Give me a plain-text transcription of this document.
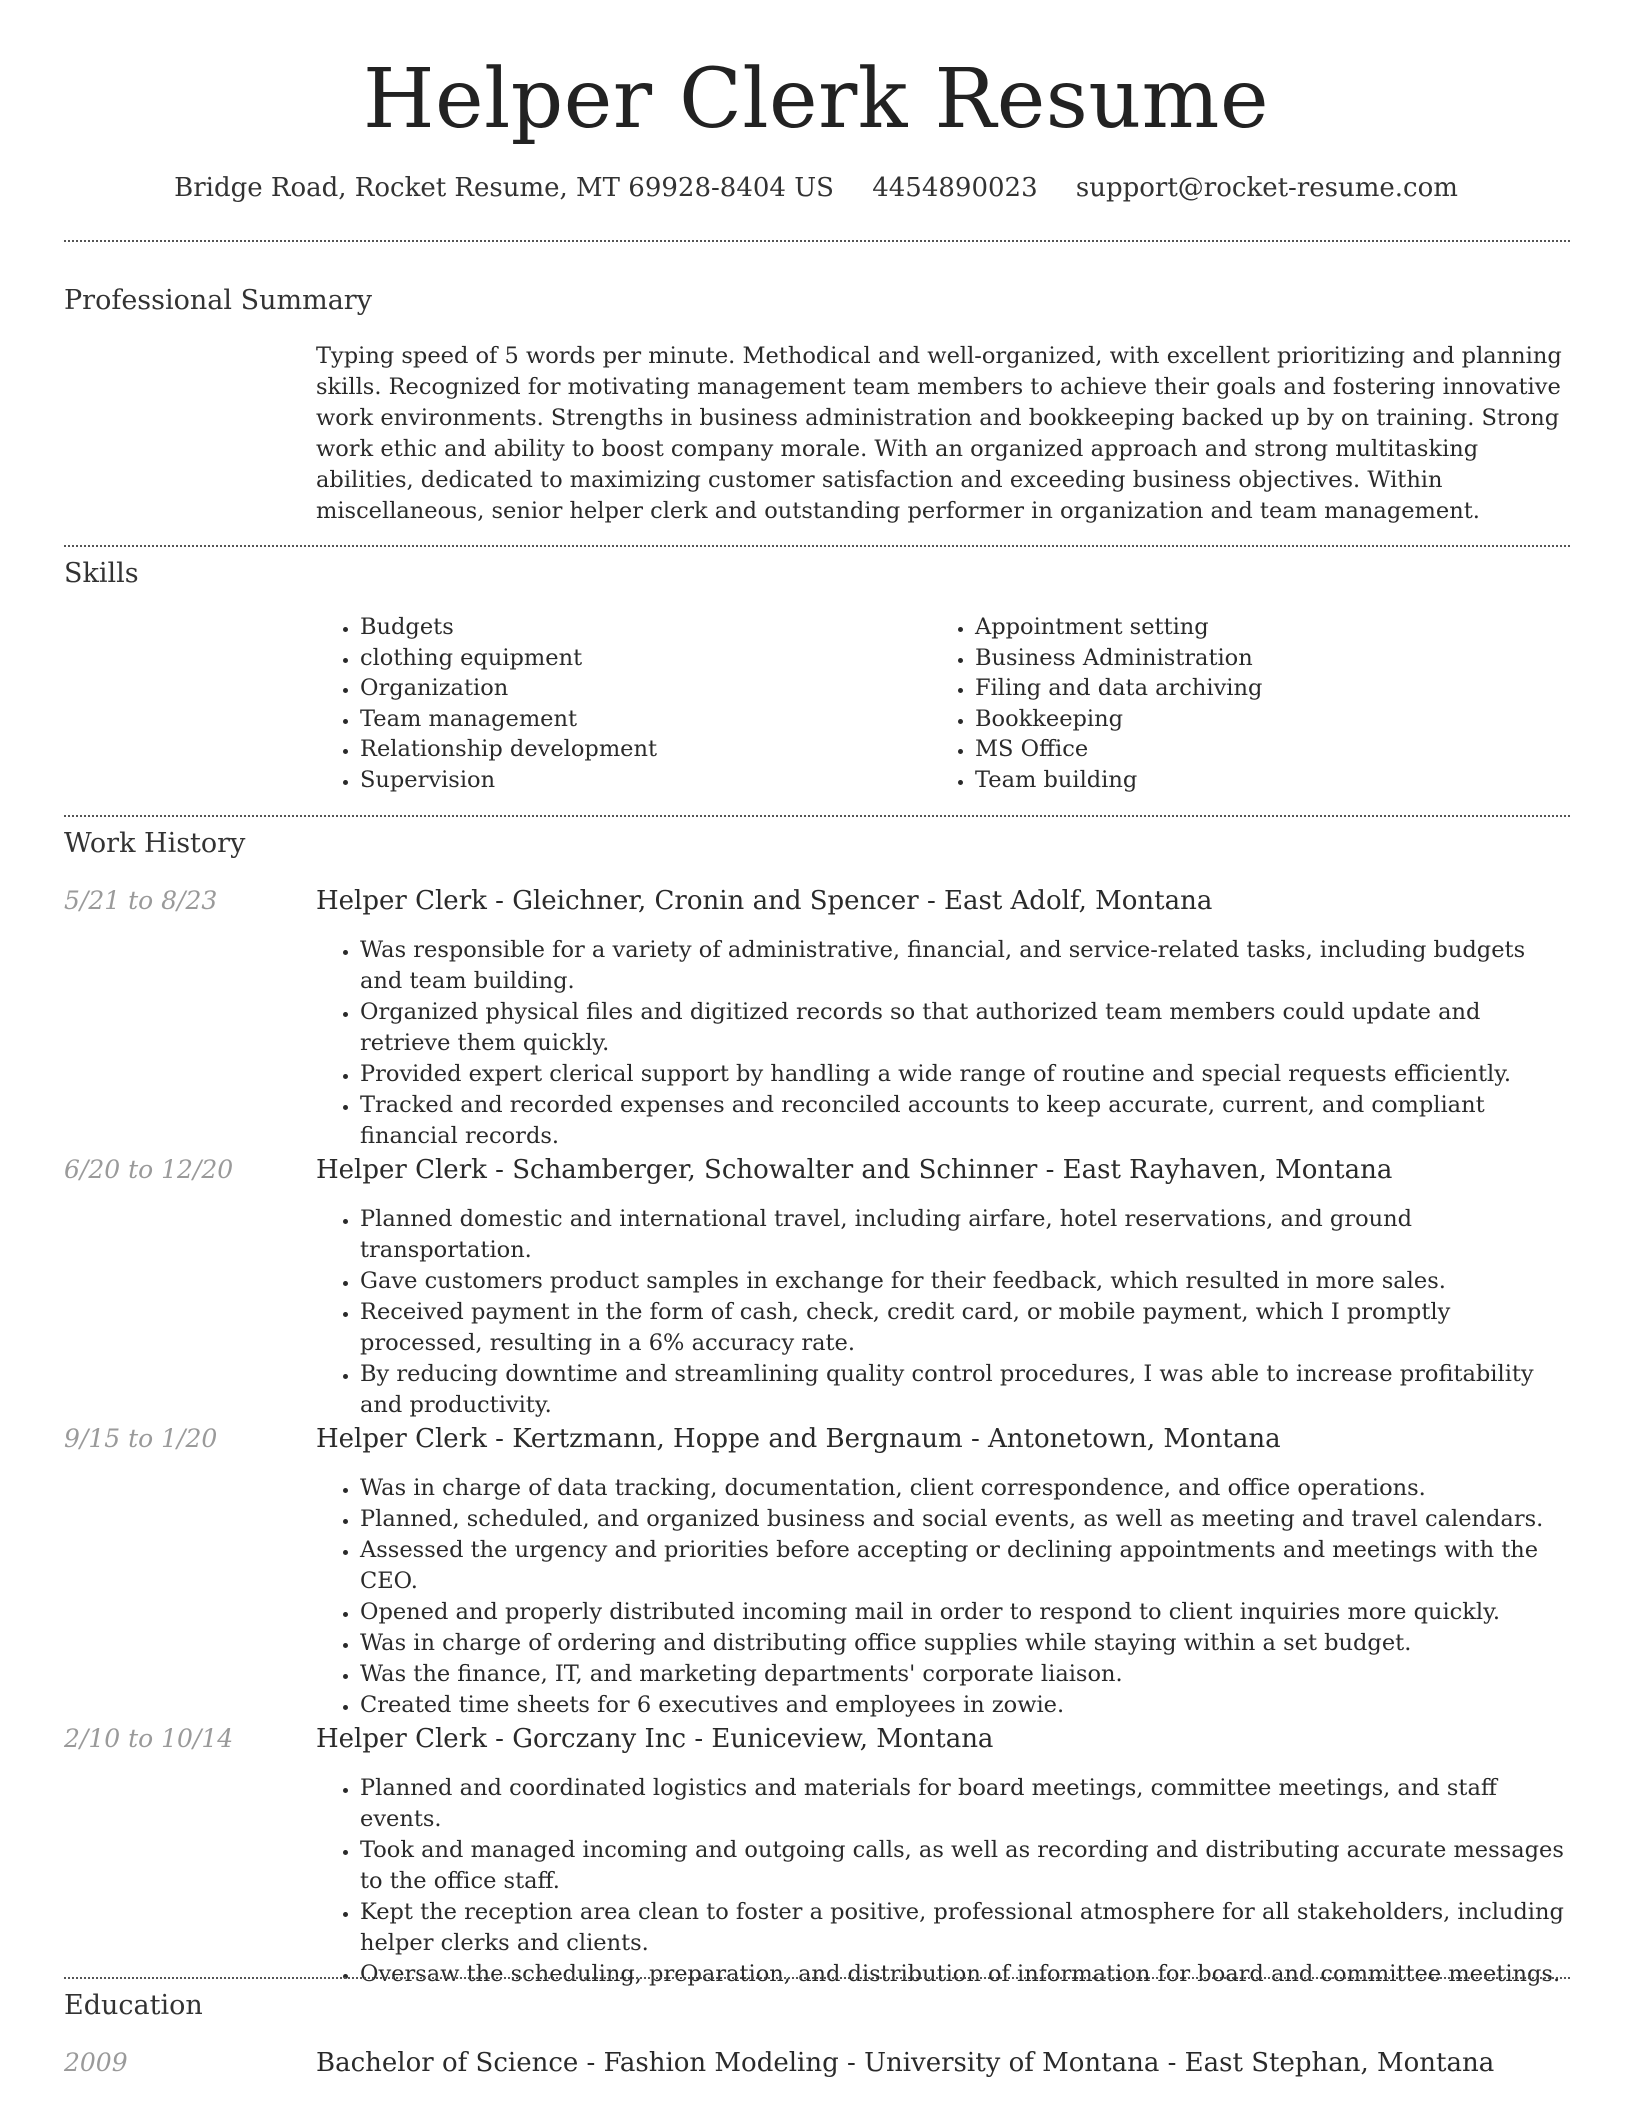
Helper Clerk Resume
Bridge Road, Rocket Resume, MT 69928-8404 US 4454890023 support@rocket-resume.com
Professional Summary
Typing speed of 5 words per minute. Methodical and well-organized, with excellent prioritizing and planning skills. Recognized for motivating management team members to achieve their goals and fostering innovative work environments. Strengths in business administration and bookkeeping backed up by on training. Strong work ethic and ability to boost company morale. With an organized approach and strong multitasking abilities, dedicated to maximizing customer satisfaction and exceeding business objectives. Within miscellaneous, senior helper clerk and outstanding performer in organization and team management.
Skills
• Budgets
• clothing equipment
• Organization
• Team management
• Relationship development
• Supervision
• Appointment setting
• Business Administration
• Filing and data archiving
• Bookkeeping
• MS Office
• Team building
Work History
5/21 to 8/23	Helper Clerk - Gleichner, Cronin and Spencer - East Adolf, Montana
• Was responsible for a variety of administrative, financial, and service-related tasks, including budgets and team building.
• Organized physical files and digitized records so that authorized team members could update and retrieve them quickly.
• Provided expert clerical support by handling a wide range of routine and special requests efficiently.
• Tracked and recorded expenses and reconciled accounts to keep accurate, current, and compliant financial records.
6/20 to 12/20	Helper Clerk - Schamberger, Schowalter and Schinner - East Rayhaven, Montana
• Planned domestic and international travel, including airfare, hotel reservations, and ground transportation.
• Gave customers product samples in exchange for their feedback, which resulted in more sales.
• Received payment in the form of cash, check, credit card, or mobile payment, which I promptly processed, resulting in a 6% accuracy rate.
• By reducing downtime and streamlining quality control procedures, I was able to increase profitability and productivity.
9/15 to 1/20	Helper Clerk - Kertzmann, Hoppe and Bergnaum - Antonetown, Montana
• Was in charge of data tracking, documentation, client correspondence, and office operations.
• Planned, scheduled, and organized business and social events, as well as meeting and travel calendars.
• Assessed the urgency and priorities before accepting or declining appointments and meetings with the CEO.
• Opened and properly distributed incoming mail in order to respond to client inquiries more quickly.
• Was in charge of ordering and distributing office supplies while staying within a set budget.
• Was the finance, IT, and marketing departments' corporate liaison.
• Created time sheets for 6 executives and employees in zowie.
2/10 to 10/14	Helper Clerk - Gorczany Inc - Euniceview, Montana
• Planned and coordinated logistics and materials for board meetings, committee meetings, and staff events.
• Took and managed incoming and outgoing calls, as well as recording and distributing accurate messages to the office staff.
• Kept the reception area clean to foster a positive, professional atmosphere for all stakeholders, including helper clerks and clients.
• Oversaw the scheduling, preparation, and distribution of information for board and committee meetings.
Education
2009	Bachelor of Science - Fashion Modeling - University of Montana - East Stephan, Montana
